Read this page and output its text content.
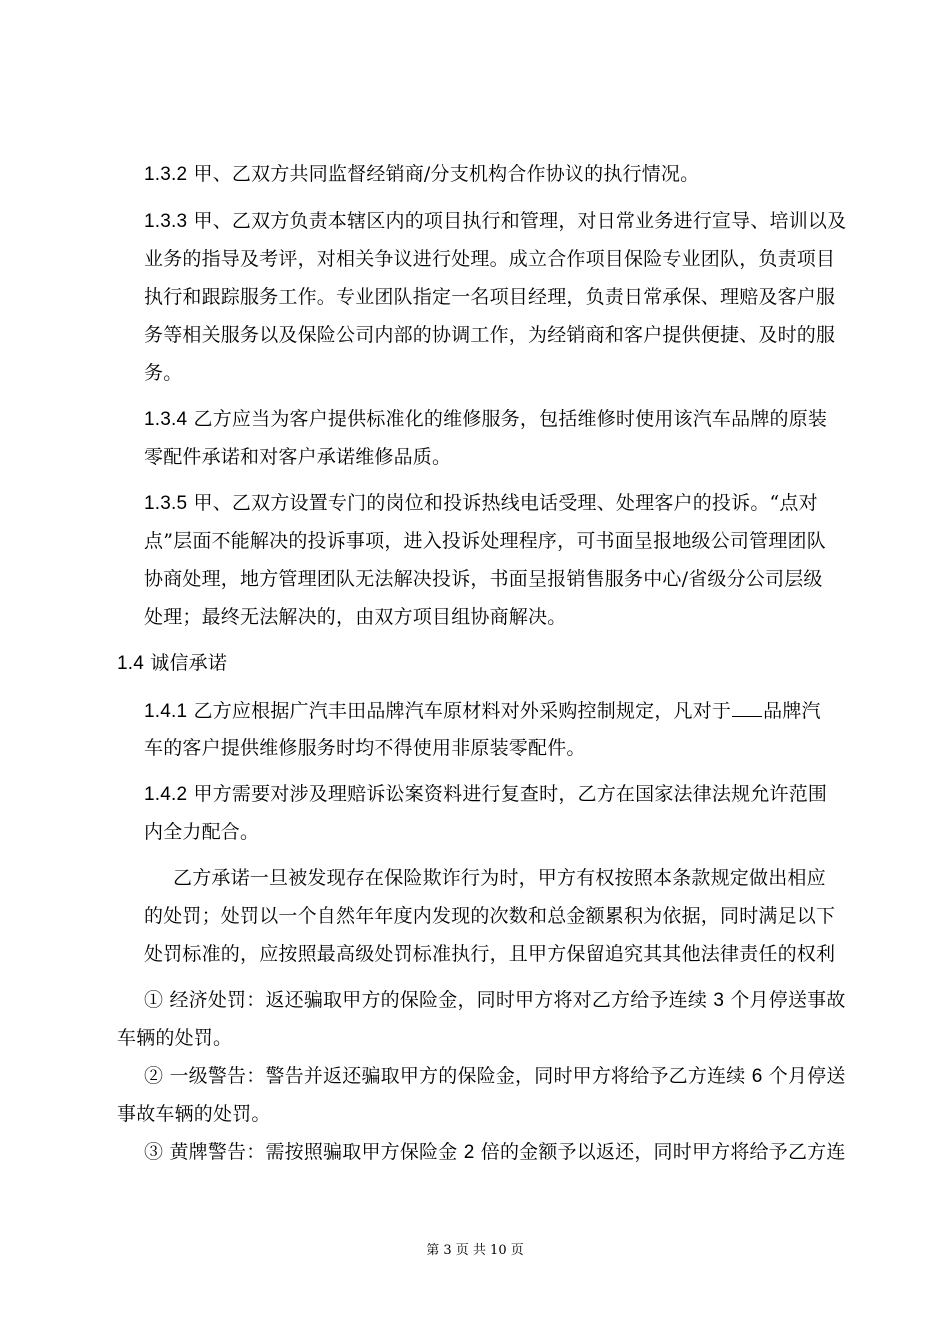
1.3.2 甲、乙双方共同监督经销商/分支机构合作协议的执行情况。
1.3.3 甲、乙双方负责本辖区内的项目执行和管理，对日常业务进行宣导、培训以及
业务的指导及考评，对相关争议进行处理。成立合作项目保险专业团队，负责项目
执行和跟踪服务工作。专业团队指定一名项目经理，负责日常承保、理赔及客户服
务等相关服务以及保险公司内部的协调工作，为经销商和客户提供便捷、及时的服
务。
1.3.4 乙方应当为客户提供标准化的维修服务，包括维修时使用该汽车品牌的原装
零配件承诺和对客户承诺维修品质。
1.3.5 甲、乙双方设置专门的岗位和投诉热线电话受理、处理客户的投诉。“点对
点”层面不能解决的投诉事项，进入投诉处理程序，可书面呈报地级公司管理团队
协商处理，地方管理团队无法解决投诉，书面呈报销售服务中心/省级分公司层级
处理；最终无法解决的，由双方项目组协商解决。
1.4 诚信承诺
1.4.1 乙方应根据广汽丰田品牌汽车原材料对外采购控制规定，凡对于 品牌汽
车的客户提供维修服务时均不得使用非原装零配件。
1.4.2 甲方需要对涉及理赔诉讼案资料进行复查时，乙方在国家法律法规允许范围
内全力配合。
乙方承诺一旦被发现存在保险欺诈行为时，甲方有权按照本条款规定做出相应
的处罚；处罚以一个自然年年度内发现的次数和总金额累积为依据，同时满足以下
处罚标准的，应按照最高级处罚标准执行，且甲方保留追究其其他法律责任的权利
① 经济处罚：返还骗取甲方的保险金，同时甲方将对乙方给予连续 3 个月停送事故
车辆的处罚。
② 一级警告：警告并返还骗取甲方的保险金，同时甲方将给予乙方连续 6 个月停送
事故车辆的处罚。
③ 黄牌警告：需按照骗取甲方保险金 2 倍的金额予以返还，同时甲方将给予乙方连
第 3 页 共 10 页
